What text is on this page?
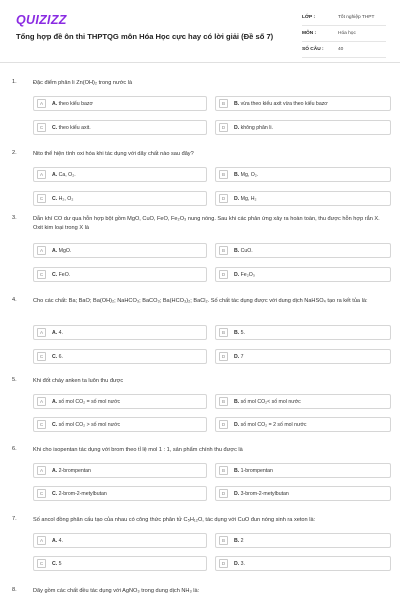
QUIZIZZ
Tổng hợp đề ôn thi THPTQG môn Hóa Học cực hay có lời giải (Đề số 7)
LỚP :	Tốt nghiệp THPT
MÔN :	Hóa học
SỐ CÂU :	40
1.	Đặc điểm phân li Zn(OH)₂ trong nước là
A	A. theo kiểu bazơ	B	B. vừa theo kiểu axit vừa theo kiểu bazơ
C	C. theo kiểu axit.	D	D. không phân li.
2.	Nito thể hiện tính oxi hóa khi tác dụng với dãy chất nào sau đây?
A	A. Ca, O₂.	B	B. Mg, O₂.
C	C. H₂, O₂	D	D. Mg, H₂
3.	Dẫn khí CO dư qua hỗn hợp bột gồm MgO, CuO, FeO, Fe₂O₃ nung nóng. Sau khi các phản ứng xảy ra hoàn toàn, thu được hỗn hợp rắn X. Oxit kim loại trong X là
A	A. MgO.	B	B. CuO.
C	C. FeO.	D	D. Fe₂O₃
4.	Cho các chất: Ba; BaO; Ba(OH)₂; NaHCO₃; BaCO₃; Ba(HCO₃)₂; BaCl₂. Số chất tác dụng được với dung dịch NaHSO₄ tạo ra kết tủa là:
A	A. 4.	B	B. 5.
C	C. 6.	D	D. 7
5.	Khi đốt cháy anken ta luôn thu được
A	A. số mol CO₂ = số mol nước	B	B. số mol CO₂< số mol nước
C	C. số mol CO₂ > số mol nước	D	D. số mol CO₂ = 2 số mol nước
6.	Khi cho isopentan tác dụng với brom theo tỉ lệ mol 1 : 1, sản phẩm chính thu được là
A	A. 2-brompentan	B	B. 1-brompentan
C	C. 2-brom-2-metylbutan	D	D. 3-brom-2-metylbutan
7.	Số ancol đồng phân cấu tạo của nhau có công thức phân tử C₅H₁₂O, tác dụng với CuO đun nóng sinh ra xeton là:
A	A. 4.	B	B. 2
C	C. 5	D	D. 3.
8.	Dãy gồm các chất đều tác dụng với AgNO₃ trong dung dịch NH₃ là:
